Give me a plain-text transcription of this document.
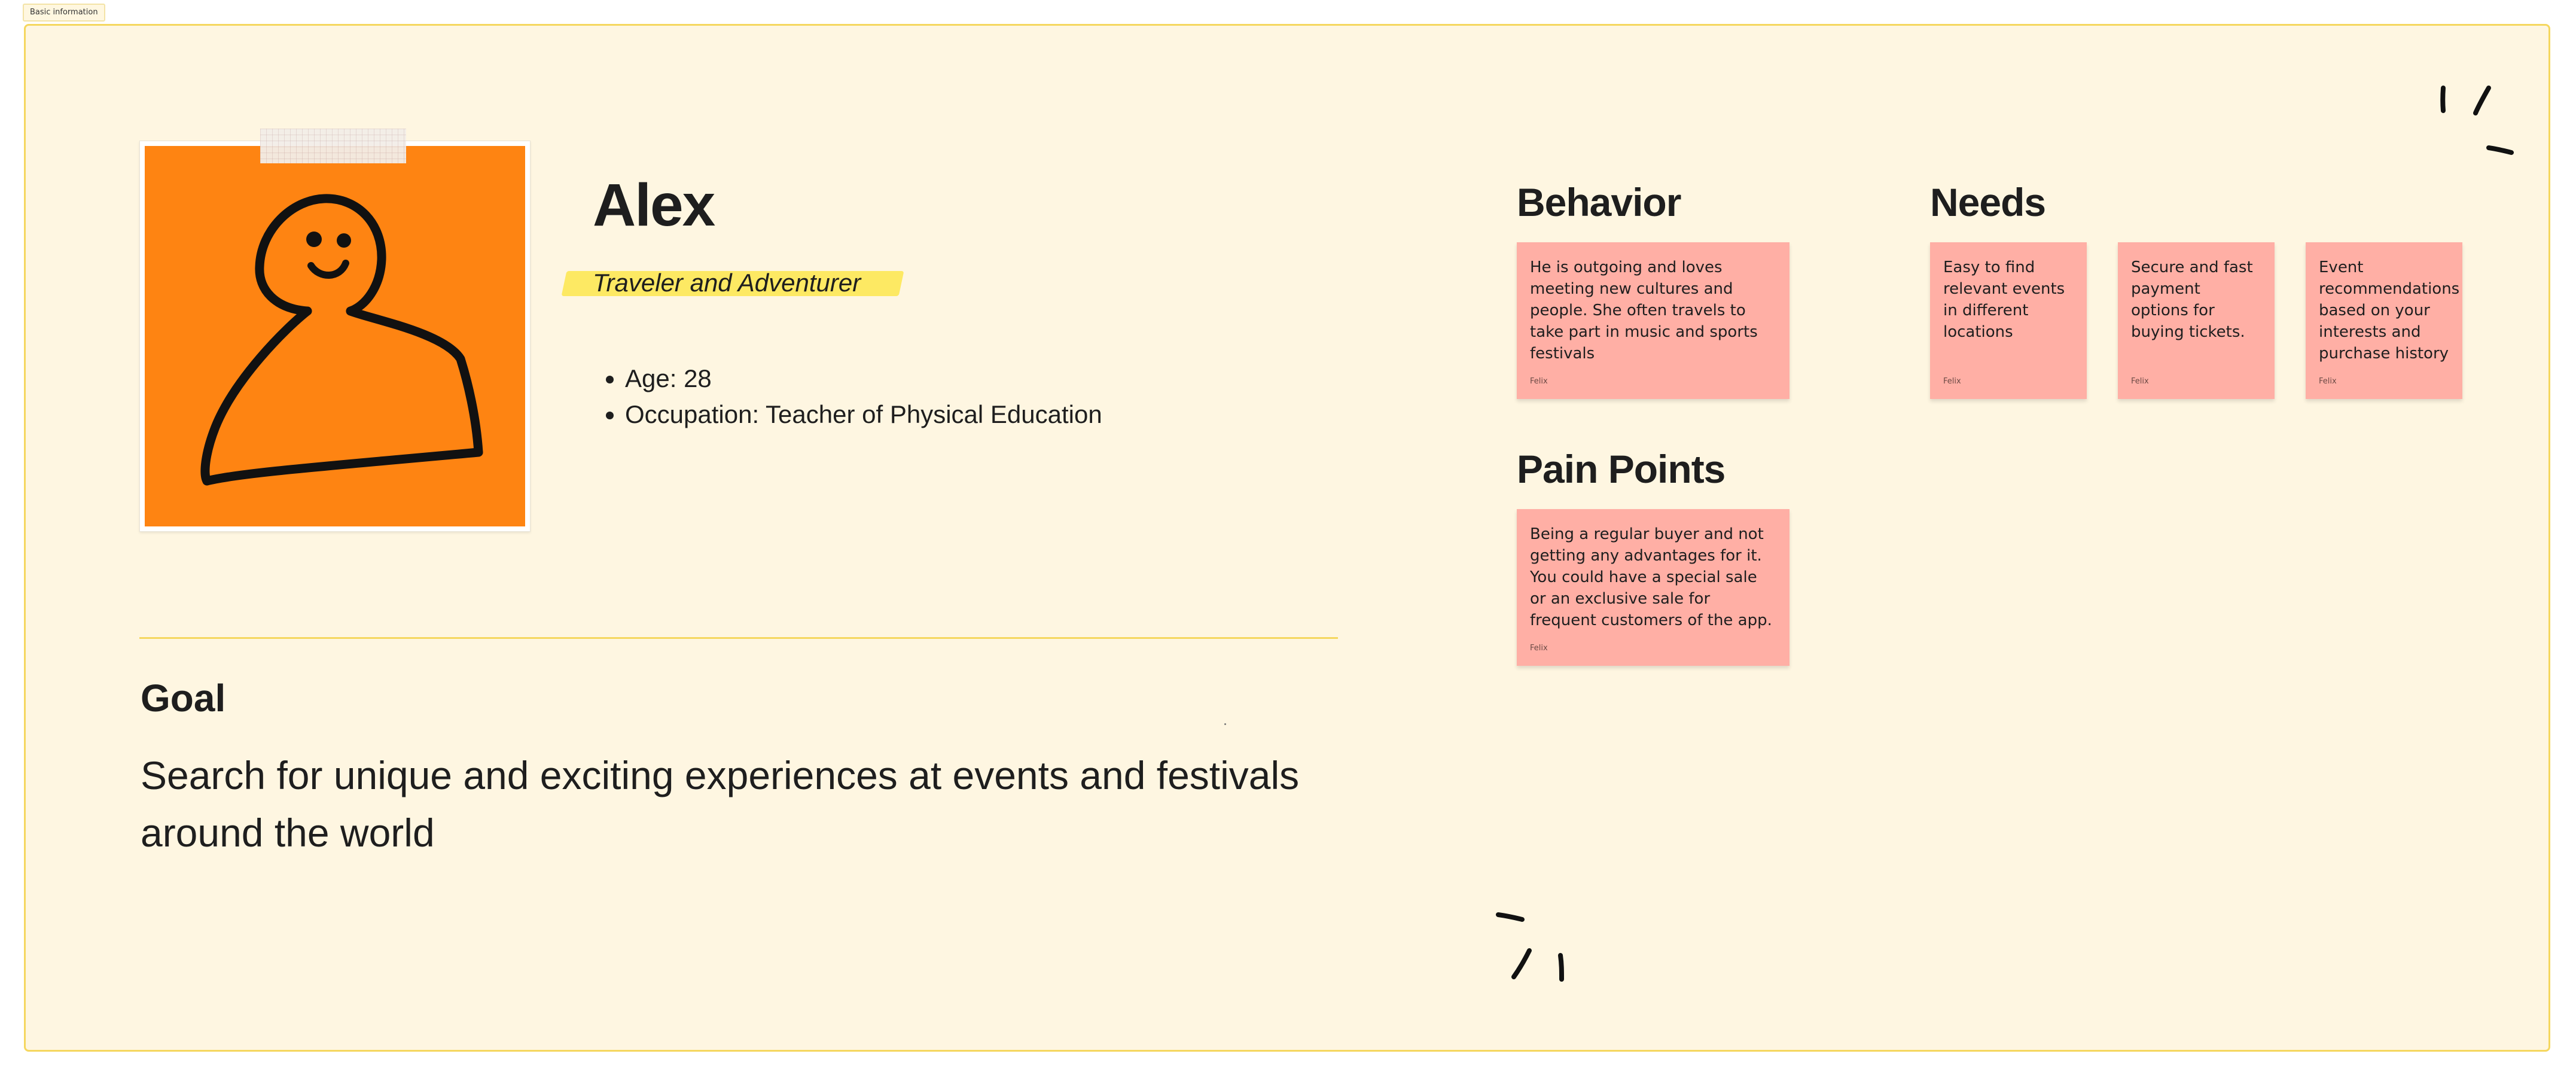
Basic information
Alex
Traveler and Adventurer
• Age: 28
• Occupation: Teacher of Physical Education
Goal
Search for unique and exciting experiences at events and festivals around the world
Behavior
He is outgoing and loves meeting new cultures and people. She often travels to take part in music and sports festivals
Felix
Needs
Easy to find relevant events in different locations
Felix
Secure and fast payment options for buying tickets.
Felix
Event recommendations based on your interests and purchase history
Felix
Pain Points
Being a regular buyer and not getting any advantages for it. You could have a special sale or an exclusive sale for frequent customers of the app.
Felix
